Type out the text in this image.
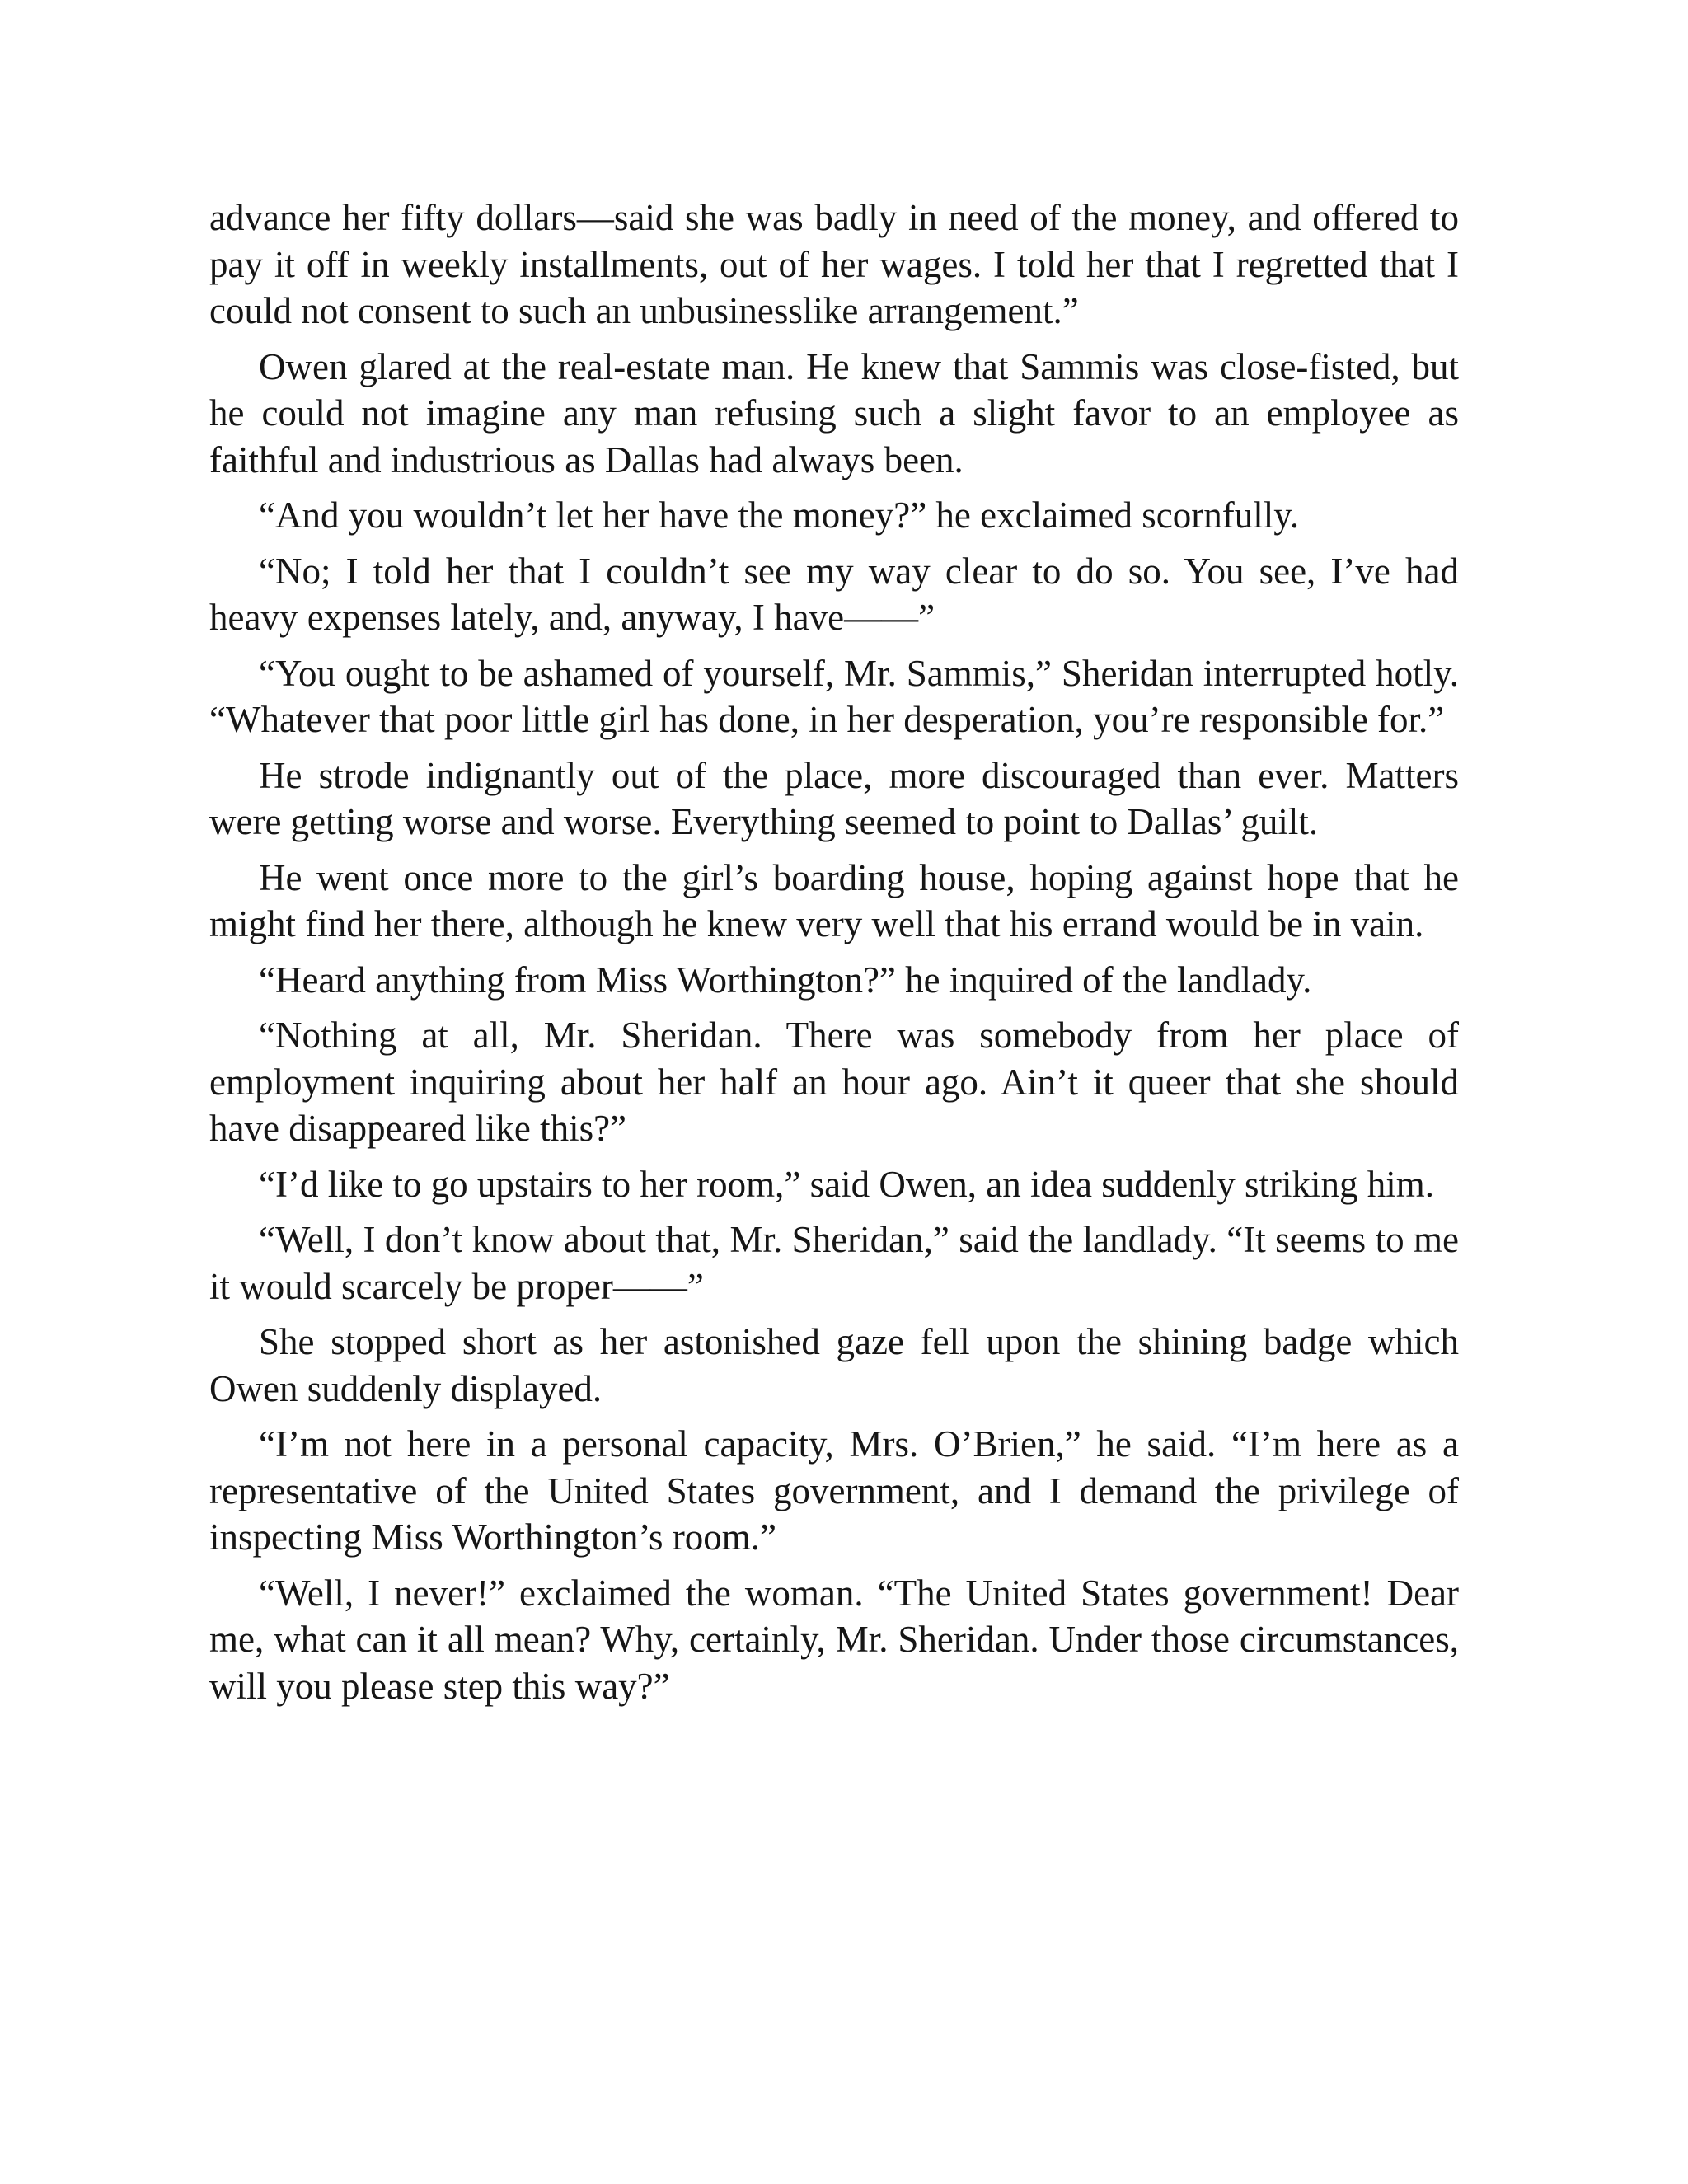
advance her fifty dollars—said she was badly in need of the money, and offered to pay it off in weekly installments, out of her wages. I told her that I regretted that I could not consent to such an unbusinesslike arrangement.”

Owen glared at the real-estate man. He knew that Sammis was close-fisted, but he could not imagine any man refusing such a slight favor to an employee as faithful and industrious as Dallas had always been.

“And you wouldn’t let her have the money?” he exclaimed scornfully.

“No; I told her that I couldn’t see my way clear to do so. You see, I’ve had heavy expenses lately, and, anyway, I have——”

“You ought to be ashamed of yourself, Mr. Sammis,” Sheridan interrupted hotly. “Whatever that poor little girl has done, in her desperation, you’re responsible for.”

He strode indignantly out of the place, more discouraged than ever. Matters were getting worse and worse. Everything seemed to point to Dallas’ guilt.

He went once more to the girl’s boarding house, hoping against hope that he might find her there, although he knew very well that his errand would be in vain.

“Heard anything from Miss Worthington?” he inquired of the landlady.

“Nothing at all, Mr. Sheridan. There was somebody from her place of employment inquiring about her half an hour ago. Ain’t it queer that she should have disappeared like this?”

“I’d like to go upstairs to her room,” said Owen, an idea suddenly striking him.

“Well, I don’t know about that, Mr. Sheridan,” said the landlady. “It seems to me it would scarcely be proper——”

She stopped short as her astonished gaze fell upon the shining badge which Owen suddenly displayed.

“I’m not here in a personal capacity, Mrs. O’Brien,” he said. “I’m here as a representative of the United States government, and I demand the privilege of inspecting Miss Worthington’s room.”

“Well, I never!” exclaimed the woman. “The United States government! Dear me, what can it all mean? Why, certainly, Mr. Sheridan. Under those circumstances, will you please step this way?”
